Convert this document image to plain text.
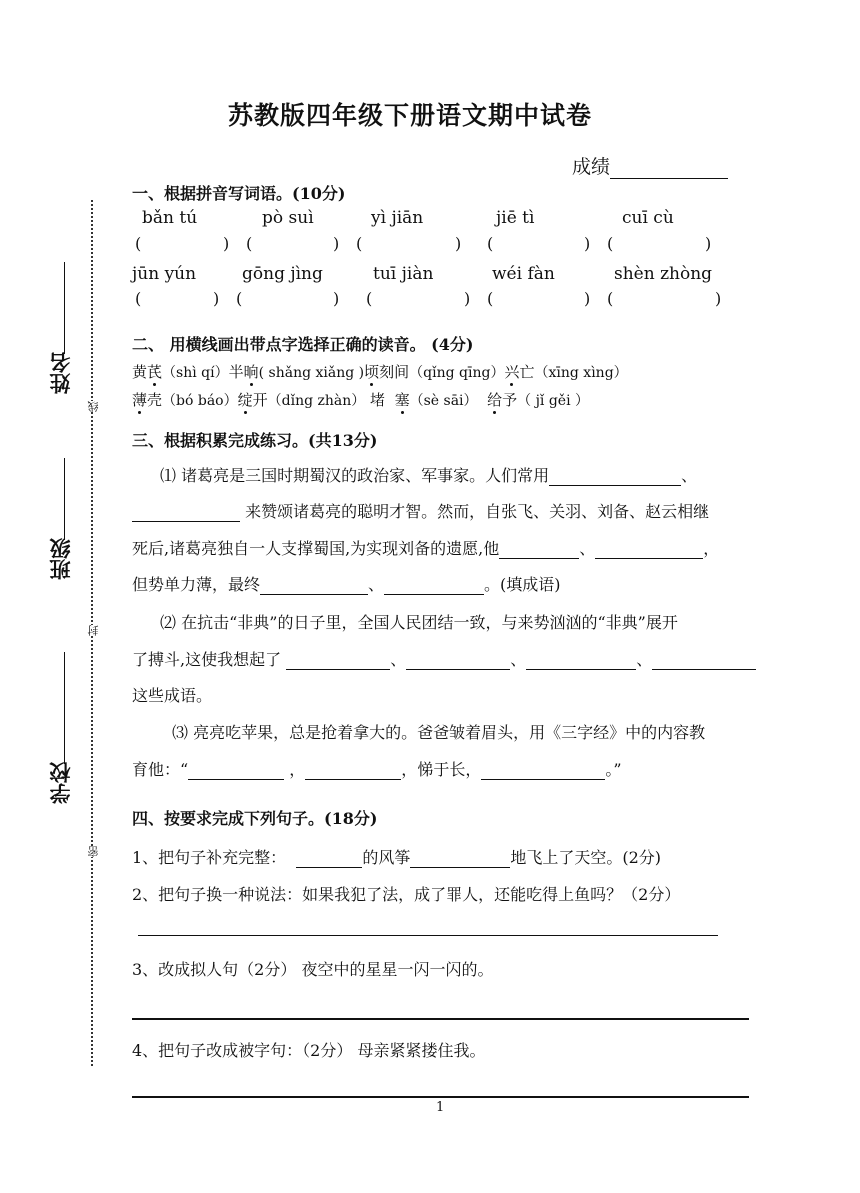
苏教版四年级下册语文期中试卷
成绩
姓名
班级
学校
线
封
密
一、根据拼音写词语。(10分)
bǎn tú	pò suì	yì jiān	jiē tì	cuī cù
(	) (	) (	) (	) (	)
jūn yún	gōng jìng	tuī jiàn	wéi fàn	shèn zhòng
(	) (	) (	) (	) (	)
二、 用横线画出带点字选择正确的读音。 (4分)
黄芪（shì qí）半晌( shǎng xiǎng )顷刻间（qǐng qīng）兴亡（xīng xìng）
薄壳（bó báo）绽开（dǐng zhàn） 堵  塞（sè sāi） 给予（ jǐ gěi ）
三、根据积累完成练习。(共13分)
⑴ 诸葛亮是三国时期蜀汉的政治家、军事家。人们常用	、
来赞颂诸葛亮的聪明才智。然而，自张飞、关羽、刘备、赵云相继
死后,诸葛亮独自一人支撑蜀国,为实现刘备的遗愿,他	、	，
但势单力薄，最终	、	。(填成语)
⑵ 在抗击“非典”的日子里，全国人民团结一致，与来势汹汹的“非典”展开
了搏斗,这使我想起了	、	、	、
这些成语。
⑶ 亮亮吃苹果，总是抢着拿大的。爸爸皱着眉头，用《三字经》中的内容教
育他：“	，	，悌于长，	。”
四、按要求完成下列句子。(18分)
1、把句子补充完整：	的风筝	地飞上了天空。(2分)
2、把句子换一种说法：如果我犯了法，成了罪人，还能吃得上鱼吗？（2分）
3、改成拟人句（2分） 夜空中的星星一闪一闪的。
4、把句子改成被字句：（2分） 母亲紧紧搂住我。
1
